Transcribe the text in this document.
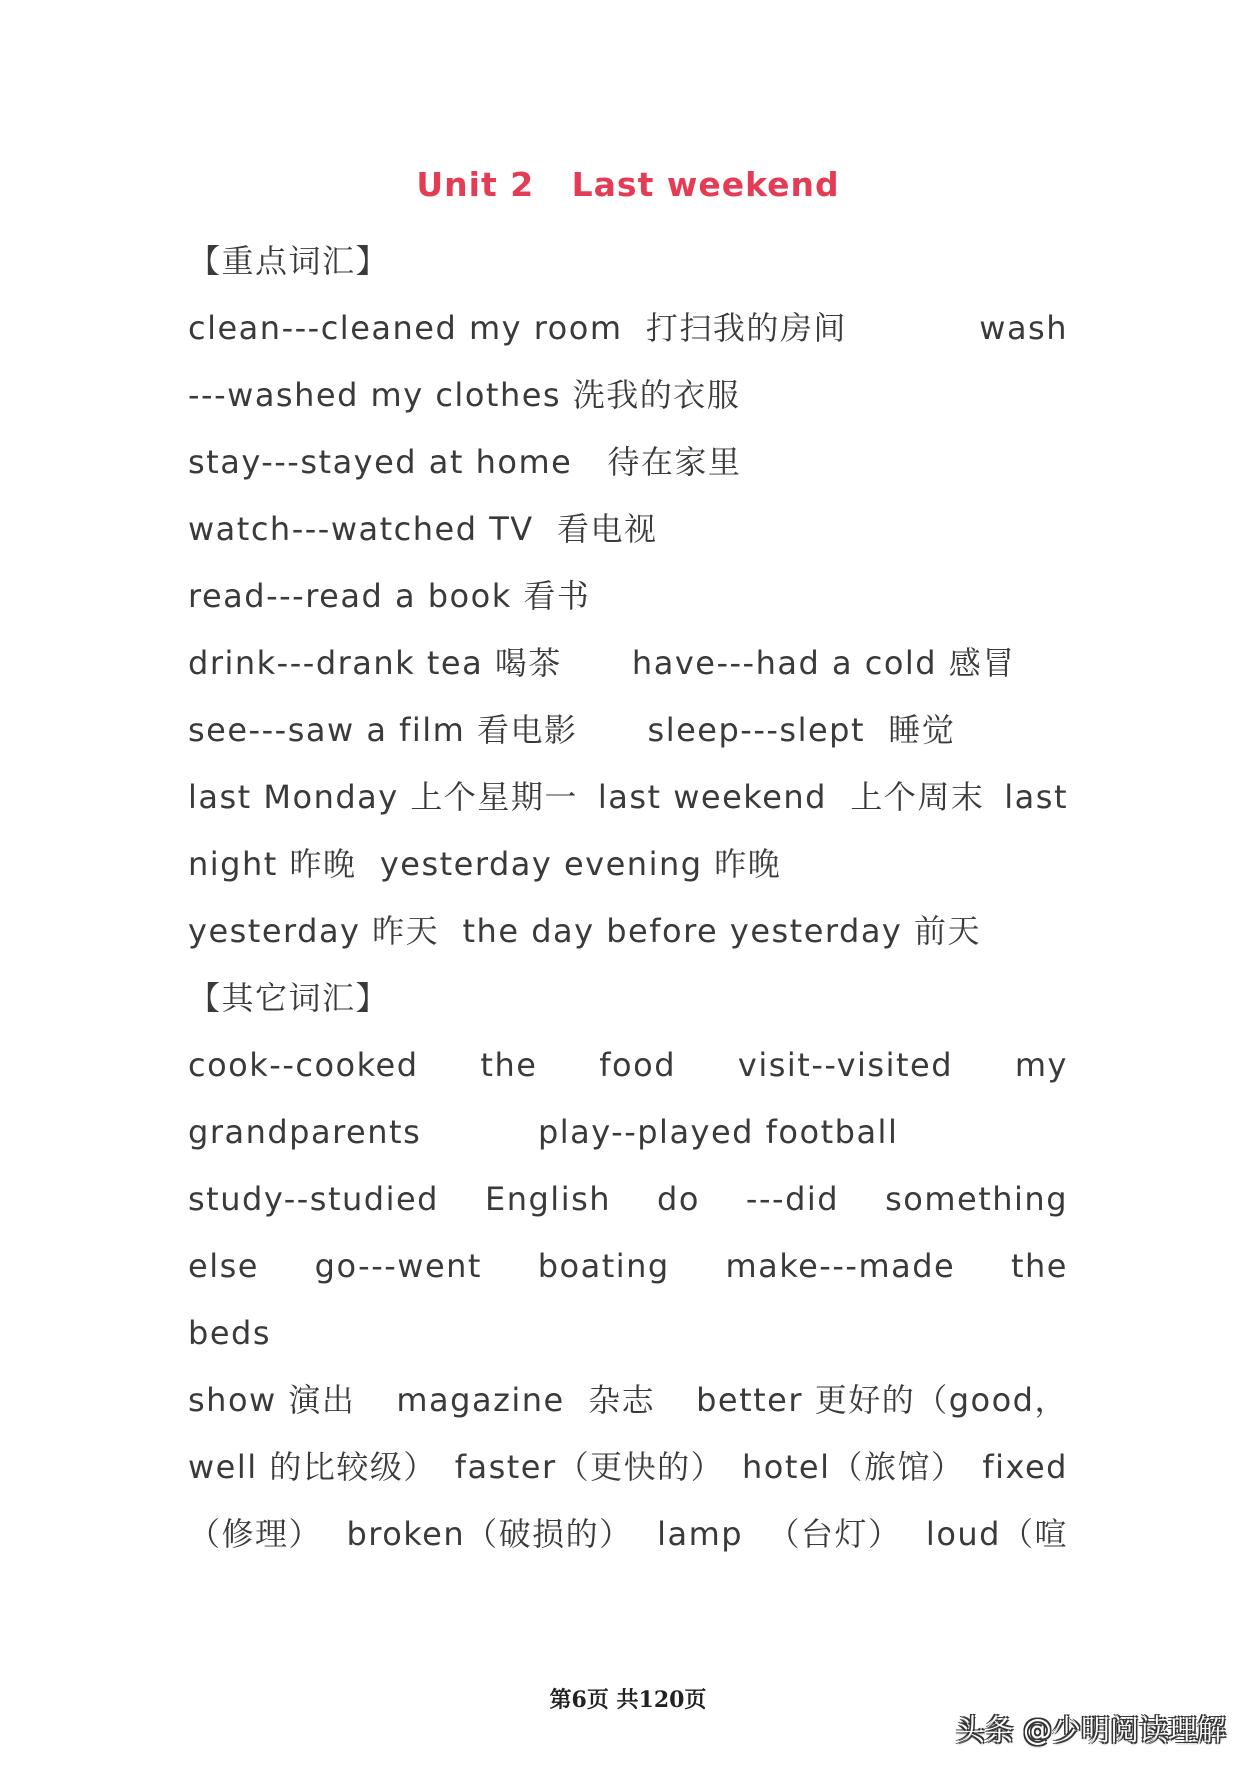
Unit 2   Last weekend
【重点词汇】
clean---cleaned my room  打扫我的房间	wash
---washed my clothes 洗我的衣服
stay---stayed at home   待在家里
watch---watched TV  看电视
read---read a book 看书
drink---drank tea 喝茶      have---had a cold 感冒
see---saw a film 看电影      sleep---slept  睡觉
last Monday 上个星期一 last weekend  上个周末 last
night 昨晚  yesterday evening 昨晚
yesterday 昨天  the day before yesterday 前天
【其它词汇】
cook--cooked the food visit--visited my
grandparents          play--played football
study--studied English do ---did something
else go---went boating make---made the
beds
show 演出 magazine  杂志 better 更好的（good，
well 的比较级） faster（更快的） hotel（旅馆） fixed
（修理） broken（破损的） lamp （台灯） loud（喧
第6页 共120页
头条 @少明阅读理解
